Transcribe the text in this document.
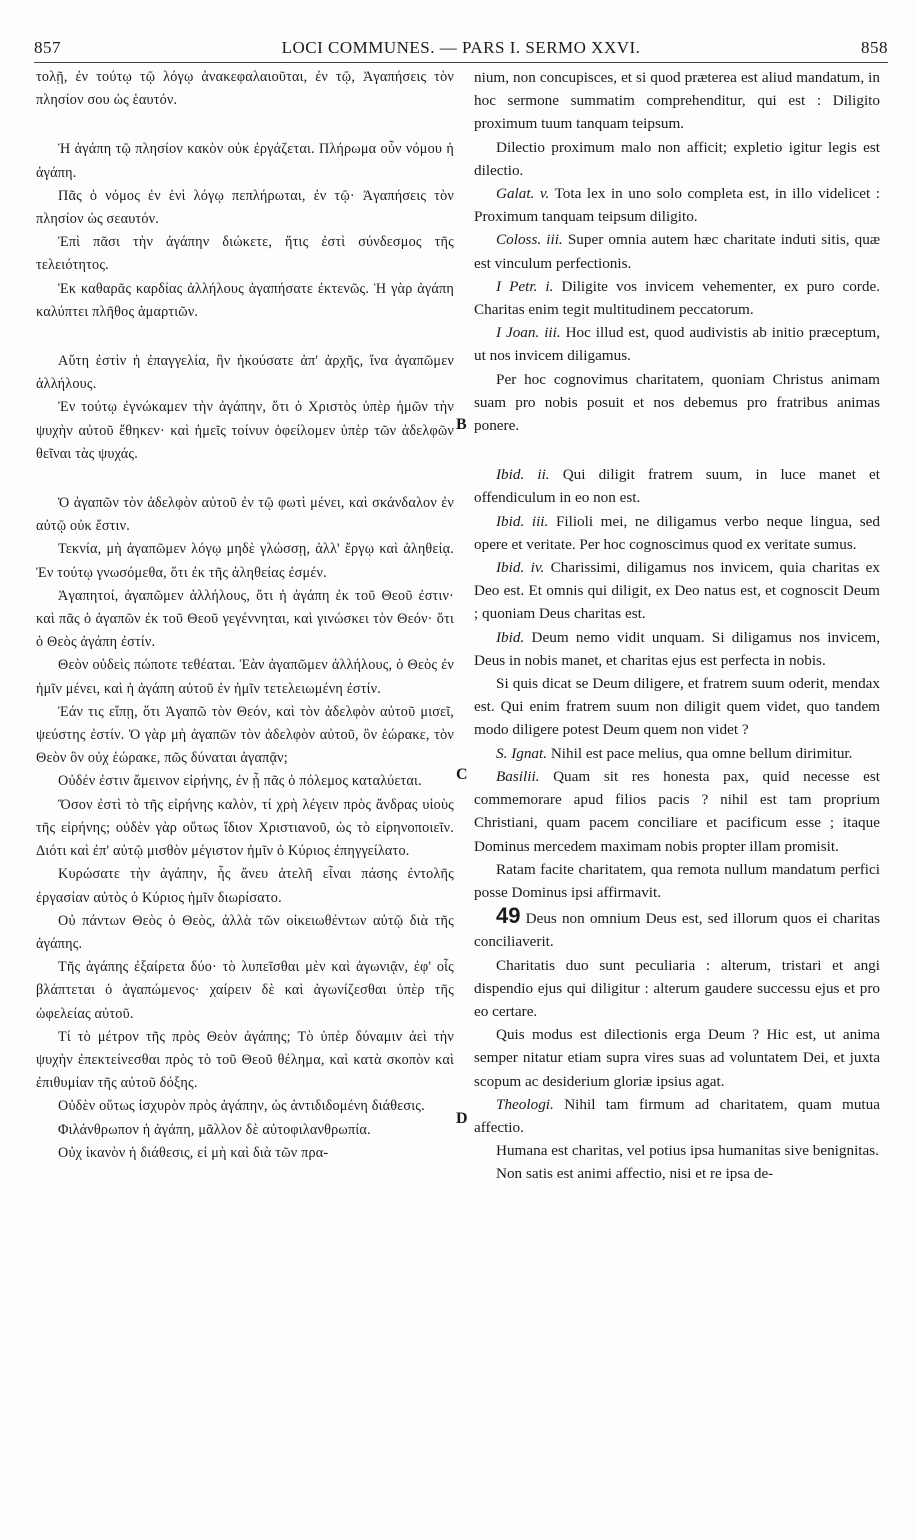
857	LOCI COMMUNES. — PARS I. SERMO XXVI.	858

τολῇ, ἐν τούτῳ τῷ λόγῳ ἀνακεφαλαιοῦται, ἐν τῷ, Ἀγαπήσεις τὸν πλησίον σου ὡς ἑαυτόν.

Ἡ ἀγάπη τῷ πλησίον κακὸν οὐκ ἐργάζεται. Πλήρωμα οὖν νόμου ἡ ἀγάπη.

Πᾶς ὁ νόμος ἐν ἑνὶ λόγῳ πεπλήρωται, ἐν τῷ· Ἀγαπήσεις τὸν πλησίον ὡς σεαυτόν.

Ἐπὶ πᾶσι τὴν ἀγάπην διώκετε, ἥτις ἐστὶ σύνδεσμος τῆς τελειότητος.

Ἐκ καθαρᾶς καρδίας ἀλλήλους ἀγαπήσατε ἐκτενῶς. Ἡ γὰρ ἀγάπη καλύπτει πλῆθος ἁμαρτιῶν.

Αὕτη ἐστὶν ἡ ἐπαγγελία, ἣν ἠκούσατε ἀπ' ἀρχῆς, ἵνα ἀγαπῶμεν ἀλλήλους.

Ἐν τούτῳ ἐγνώκαμεν τὴν ἀγάπην, ὅτι ὁ Χριστὸς ὑπὲρ ἡμῶν τὴν ψυχὴν αὐτοῦ ἔθηκεν· καὶ ἡμεῖς τοίνυν ὀφείλομεν ὑπὲρ τῶν ἀδελφῶν θεῖναι τὰς ψυχάς.

Ὁ ἀγαπῶν τὸν ἀδελφὸν αὐτοῦ ἐν τῷ φωτὶ μένει, καὶ σκάνδαλον ἐν αὐτῷ οὐκ ἔστιν.

Τεκνία, μὴ ἀγαπῶμεν λόγῳ μηδὲ γλώσσῃ, ἀλλ' ἔργῳ καὶ ἀληθείᾳ. Ἐν τούτῳ γνωσόμεθα, ὅτι ἐκ τῆς ἀληθείας ἐσμέν.

Ἀγαπητοί, ἀγαπῶμεν ἀλλήλους, ὅτι ἡ ἀγάπη ἐκ τοῦ Θεοῦ ἐστιν· καὶ πᾶς ὁ ἀγαπῶν ἐκ τοῦ Θεοῦ γεγέννηται, καὶ γινώσκει τὸν Θεόν· ὅτι ὁ Θεὸς ἀγάπη ἐστίν.

Θεὸν οὐδεὶς πώποτε τεθέαται. Ἐὰν ἀγαπῶμεν ἀλλήλους, ὁ Θεὸς ἐν ἡμῖν μένει, καὶ ἡ ἀγάπη αὐτοῦ ἐν ἡμῖν τετελειωμένη ἐστίν.

Ἐάν τις εἴπῃ, ὅτι Ἀγαπῶ τὸν Θεόν, καὶ τὸν ἀδελφὸν αὐτοῦ μισεῖ, ψεύστης ἐστίν. Ὁ γὰρ μὴ ἀγαπῶν τὸν ἀδελφὸν αὐτοῦ, ὃν ἑώρακε, τὸν Θεὸν ὃν οὐχ ἑώρακε, πῶς δύναται ἀγαπᾷν;

Οὐδέν ἐστιν ἄμεινον εἰρήνης, ἐν ᾗ πᾶς ὁ πόλεμος καταλύεται.

Ὅσον ἐστὶ τὸ τῆς εἰρήνης καλὸν, τί χρὴ λέγειν πρὸς ἄνδρας υἱοὺς τῆς εἰρήνης; οὐδὲν γὰρ οὕτως ἴδιον Χριστιανοῦ, ὡς τὸ εἰρηνοποιεῖν. Διότι καὶ ἐπ' αὐτῷ μισθὸν μέγιστον ἡμῖν ὁ Κύριος ἐπηγγείλατο.

Κυρώσατε τὴν ἀγάπην, ἧς ἄνευ ἀτελῆ εἶναι πάσης ἐντολῆς ἐργασίαν αὐτὸς ὁ Κύριος ἡμῖν διωρίσατο.

Οὐ πάντων Θεὸς ὁ Θεὸς, ἀλλὰ τῶν οἰκειωθέντων αὐτῷ διὰ τῆς ἀγάπης.

Τῆς ἀγάπης ἐξαίρετα δύο· τὸ λυπεῖσθαι μὲν καὶ ἀγωνιᾷν, ἐφ' οἷς βλάπτεται ὁ ἀγαπώμενος· χαίρειν δὲ καὶ ἀγωνίζεσθαι ὑπὲρ τῆς ὠφελείας αὐτοῦ.

Τί τὸ μέτρον τῆς πρὸς Θεὸν ἀγάπης; Τὸ ὑπὲρ δύναμιν ἀεὶ τὴν ψυχὴν ἐπεκτείνεσθαι πρὸς τὸ τοῦ Θεοῦ θέλημα, καὶ κατὰ σκοπὸν καὶ ἐπιθυμίαν τῆς αὐτοῦ δόξης.

Οὐδὲν οὕτως ἰσχυρὸν πρὸς ἀγάπην, ὡς ἀντιδιδομένη διάθεσις.

Φιλάνθρωπον ἡ ἀγάπη, μᾶλλον δὲ αὐτοφιλανθρωπία.

Οὐχ ἱκανὸν ἡ διάθεσις, εἰ μὴ καὶ διὰ τῶν πρα-

nium, non concupisces, et si quod præterea est aliud mandatum, in hoc sermone summatim comprehenditur, qui est : Diligito proximum tuum tanquam teipsum.

Dilectio proximum malo non afficit; expletio igitur legis est dilectio.

Galat. v. Tota lex in uno solo completa est, in illo videlicet : Proximum tanquam teipsum diligito.

Coloss. iii. Super omnia autem hæc charitate induti sitis, quæ est vinculum perfectionis.

I Petr. i. Diligite vos invicem vehementer, ex puro corde. Charitas enim tegit multitudinem peccatorum.

I Joan. iii. Hoc illud est, quod audivistis ab initio præceptum, ut nos invicem diligamus.

Per hoc cognovimus charitatem, quoniam Christus animam suam pro nobis posuit et nos debemus pro fratribus animas ponere.

Ibid. ii. Qui diligit fratrem suum, in luce manet et offendiculum in eo non est.

Ibid. iii. Filioli mei, ne diligamus verbo neque lingua, sed opere et veritate. Per hoc cognoscimus quod ex veritate sumus.

Ibid. iv. Charissimi, diligamus nos invicem, quia charitas ex Deo est. Et omnis qui diligit, ex Deo natus est, et cognoscit Deum ; quoniam Deus charitas est.

Ibid. Deum nemo vidit unquam. Si diligamus nos invicem, Deus in nobis manet, et charitas ejus est perfecta in nobis.

Si quis dicat se Deum diligere, et fratrem suum oderit, mendax est. Qui enim fratrem suum non diligit quem videt, quo tandem modo diligere potest Deum quem non videt ?

S. Ignat. Nihil est pace melius, qua omne bellum dirimitur.

Basilii. Quam sit res honesta pax, quid necesse est commemorare apud filios pacis ? nihil est tam proprium Christiani, quam pacem conciliare et pacificum esse ; itaque Dominus mercedem maximam nobis propter illam promisit.

Ratam facite charitatem, qua remota nullum mandatum perfici posse Dominus ipsi affirmavit.

49 Deus non omnium Deus est, sed illorum quos ei charitas conciliaverit.

Charitatis duo sunt peculiaria : alterum, tristari et angi dispendio ejus qui diligitur : alterum gaudere successu ejus et pro eo certare.

Quis modus est dilectionis erga Deum ? Hic est, ut anima semper nitatur etiam supra vires suas ad voluntatem Dei, et juxta scopum ac desiderium gloriæ ipsius agat.

Theologi. Nihil tam firmum ad charitatem, quam mutua affectio.

Humana est charitas, vel potius ipsa humanitas sive benignitas.

Non satis est animi affectio, nisi et re ipsa de-

B
C
D
